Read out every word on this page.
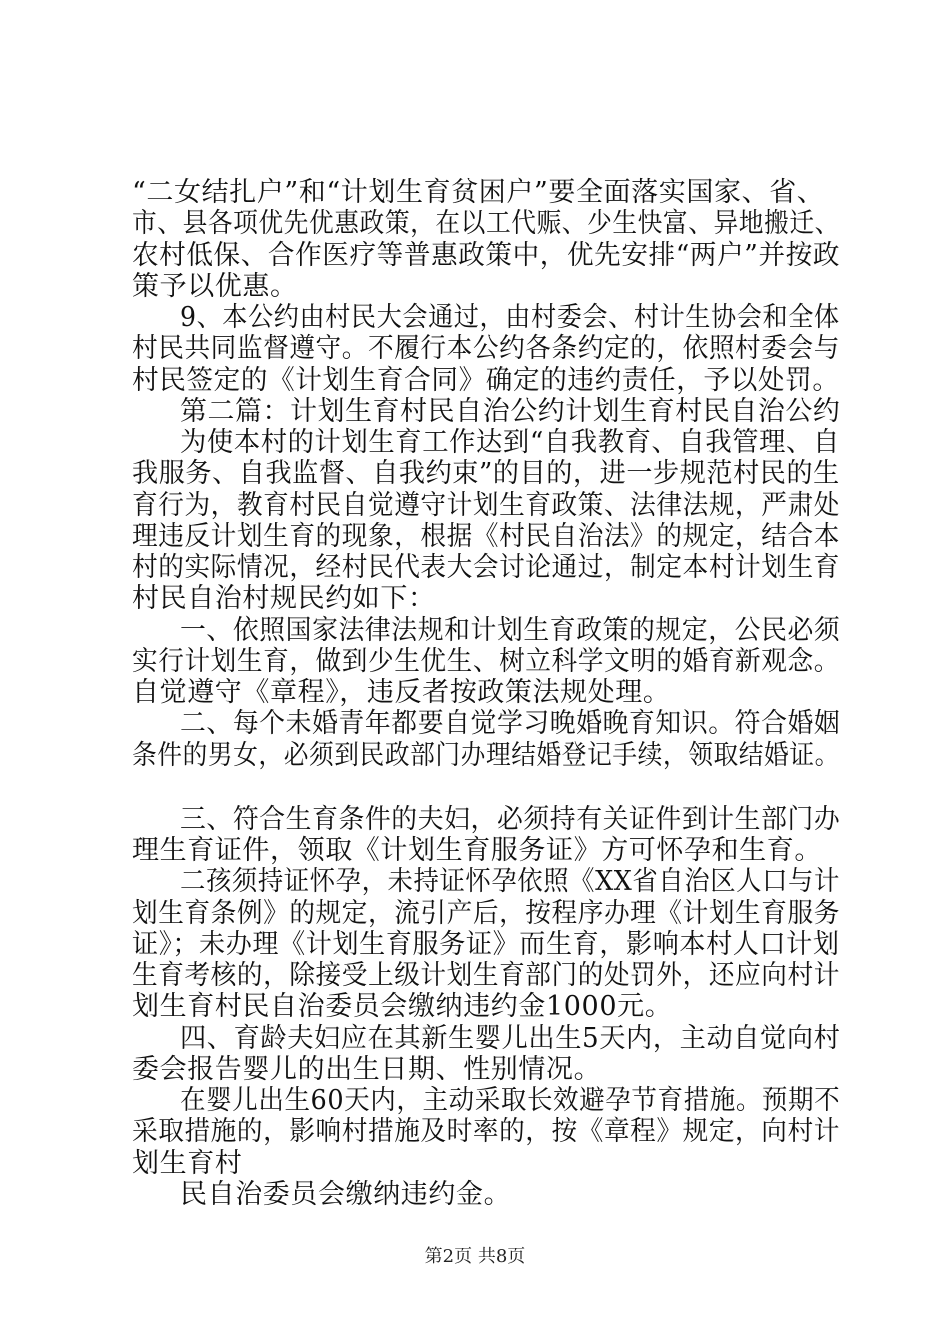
“二女结扎户”和“计划生育贫困户”要全面落实国家、省、
市、县各项优先优惠政策，在以工代赈、少生快富、异地搬迁、
农村低保、合作医疗等普惠政策中，优先安排“两户”并按政
策予以优惠。
9、本公约由村民大会通过，由村委会、村计生协会和全体
村民共同监督遵守。不履行本公约各条约定的，依照村委会与
村民签定的《计划生育合同》确定的违约责任，予以处罚。
第二篇：计划生育村民自治公约计划生育村民自治公约
为使本村的计划生育工作达到“自我教育、自我管理、自
我服务、自我监督、自我约束”的目的，进一步规范村民的生
育行为，教育村民自觉遵守计划生育政策、法律法规，严肃处
理违反计划生育的现象，根据《村民自治法》的规定，结合本
村的实际情况，经村民代表大会讨论通过，制定本村计划生育
村民自治村规民约如下：
一、依照国家法律法规和计划生育政策的规定，公民必须
实行计划生育，做到少生优生、树立科学文明的婚育新观念。
自觉遵守《章程》，违反者按政策法规处理。
二、每个未婚青年都要自觉学习晚婚晚育知识。符合婚姻
条件的男女，必须到民政部门办理结婚登记手续，领取结婚证。
三、符合生育条件的夫妇，必须持有关证件到计生部门办
理生育证件，领取《计划生育服务证》方可怀孕和生育。
二孩须持证怀孕，未持证怀孕依照《XX省自治区人口与计
划生育条例》的规定，流引产后，按程序办理《计划生育服务
证》；未办理《计划生育服务证》而生育，影响本村人口计划
生育考核的，除接受上级计划生育部门的处罚外，还应向村计
划生育村民自治委员会缴纳违约金1000元。
四、育龄夫妇应在其新生婴儿出生5天内，主动自觉向村
委会报告婴儿的出生日期、性别情况。
在婴儿出生60天内，主动采取长效避孕节育措施。预期不
采取措施的，影响村措施及时率的，按《章程》规定，向村计
划生育村
民自治委员会缴纳违约金。
第2页 共8页
